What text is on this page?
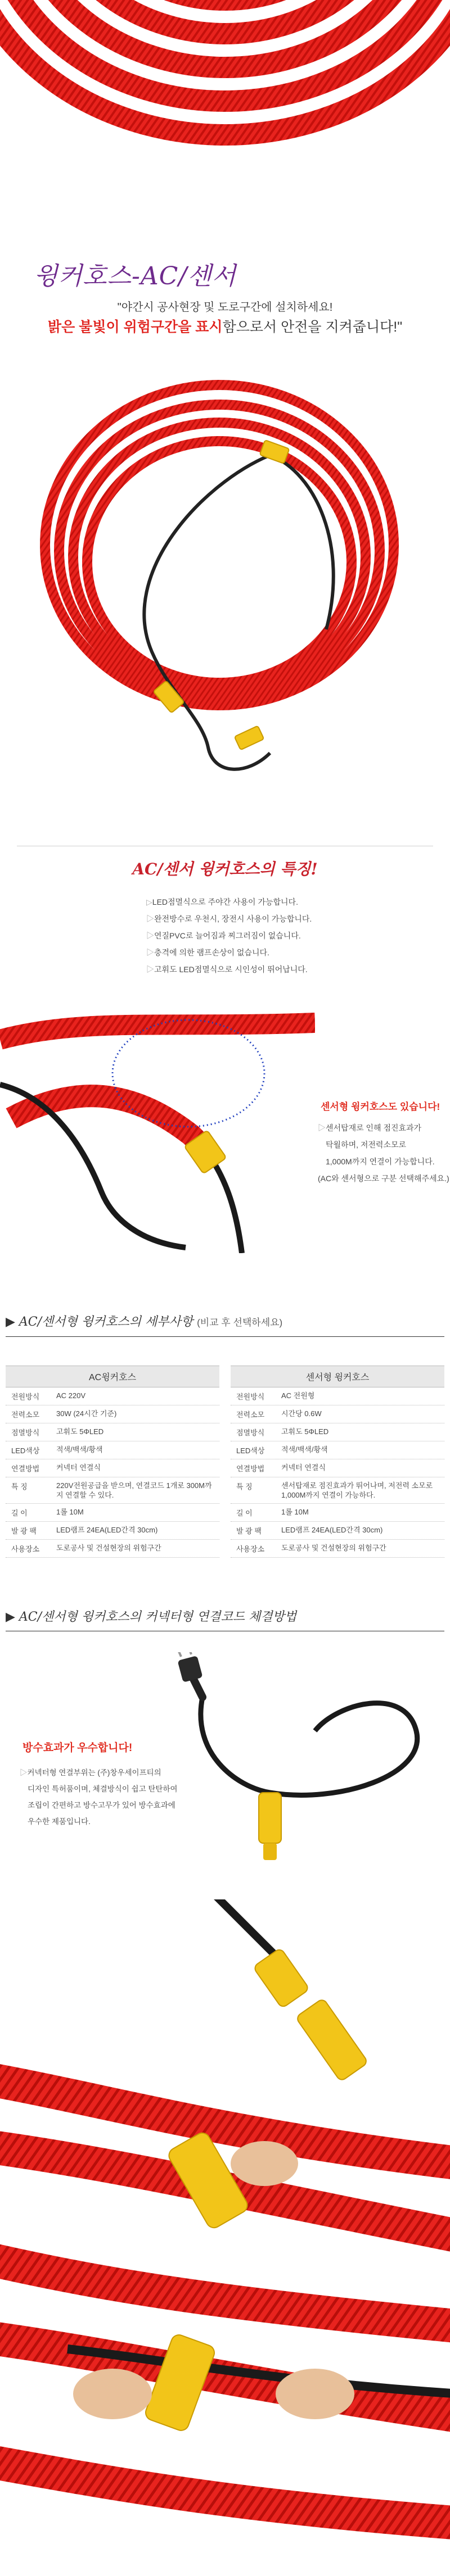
윙커호스-AC/센서
"야간시 공사현장 및 도로구간에 설치하세요!
밝은 불빛이 위험구간을 표시함으로서 안전을 지켜줍니다!"
AC/센서 윙커호스의 특징!
▷LED점멸식으로 주야간 사용이 가능합니다.
▷완전방수로 우천시, 장전시 사용이 가능합니다.
▷연질PVC로 늘어짐과 찌그러짐이 없습니다.
▷충격에 의한 램프손상이 없습니다.
▷고휘도 LED점멸식으로 시인성이 뛰어납니다.
센서형 윙커호스도 있습니다!
▷센서탑재로 인해 점진효과가
탁월하며, 저전력소모로
1,000M까지 연결이 가능합니다.
(AC와 센서형으로 구분 선택해주세요.)
▶ AC/센서형 윙커호스의 세부사항 (비교 후 선택하세요)
AC윙커호스
전원방식	AC 220V
전력소모	30W (24시간 기준)
점멸방식	고휘도 5ΦLED
LED색상	적색/백색/황색
연결방법	커넥터 연결식
특 징	220V전원공급을 받으며, 연결코드 1개로 300M까지 연결할 수 있다.
길 이	1롤 10M
발 광 팩	LED램프 24EA(LED간격 30cm)
사용장소	도로공사 및 건설현장의 위험구간
센서형 윙커호스
전원방식	AC 전원형
전력소모	시간당 0.6W
점멸방식	고휘도 5ΦLED
LED색상	적색/백색/황색
연결방법	커넥터 연결식
특 징	센서탑재로 점진효과가 뛰어나며, 저전력 소모로 1,000M까지 연결이 가능하다.
길 이	1롤 10M
발 광 팩	LED램프 24EA(LED간격 30cm)
사용장소	도로공사 및 건설현장의 위험구간
▶ AC/센서형 윙커호스의 커넥터형 연결코드 체결방법
방수효과가 우수합니다!
▷커넥터형 연결부위는 (주)창우세이프티의
디자인 특허품이며, 체결방식이 쉽고 탄탄하여
조립이 간편하고 방수고무가 있어 방수효과에
우수한 제품입니다.
